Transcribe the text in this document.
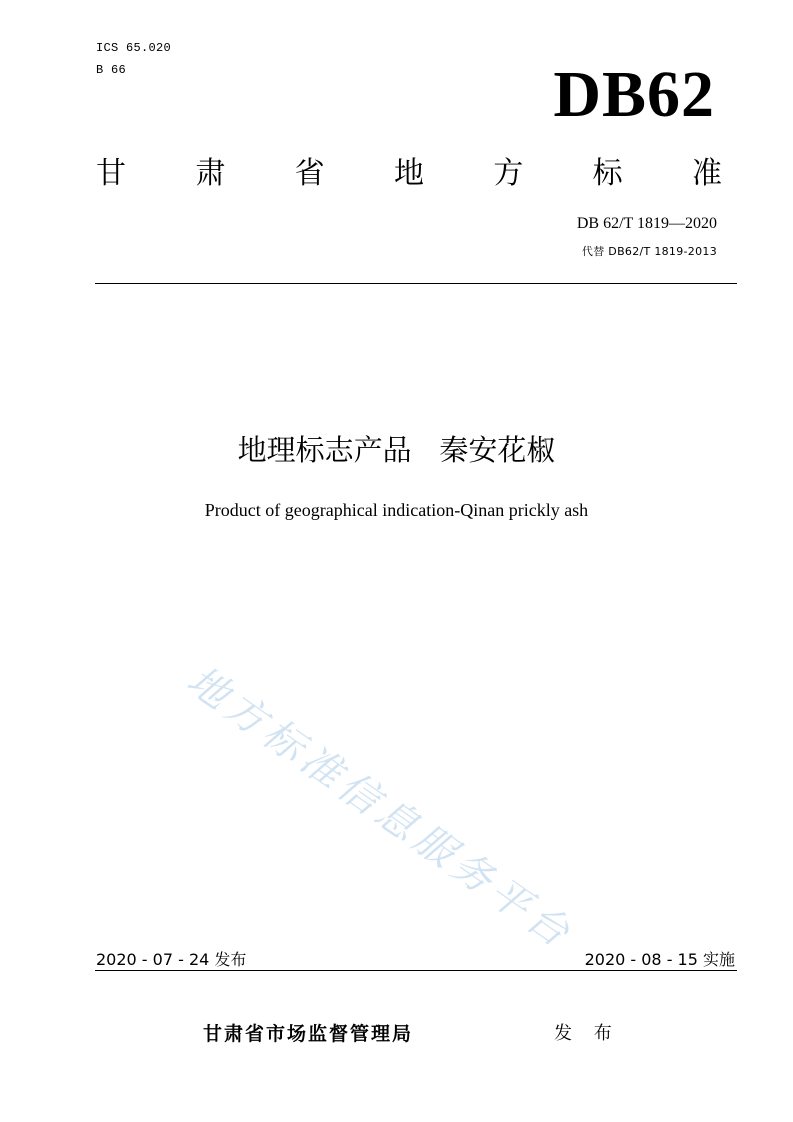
ICS 65.020
B 66	DB62
甘 肃 省 地 方 标 准
DB 62/T 1819—2020
代替 DB62/T 1819-2013
地理标志产品   秦安花椒
Product of geographical indication-Qinan prickly ash
地方标准信息服务平台
2020 - 07 - 24 发布	2020 - 08 - 15 实施
甘肃省市场监督管理局	发 布
